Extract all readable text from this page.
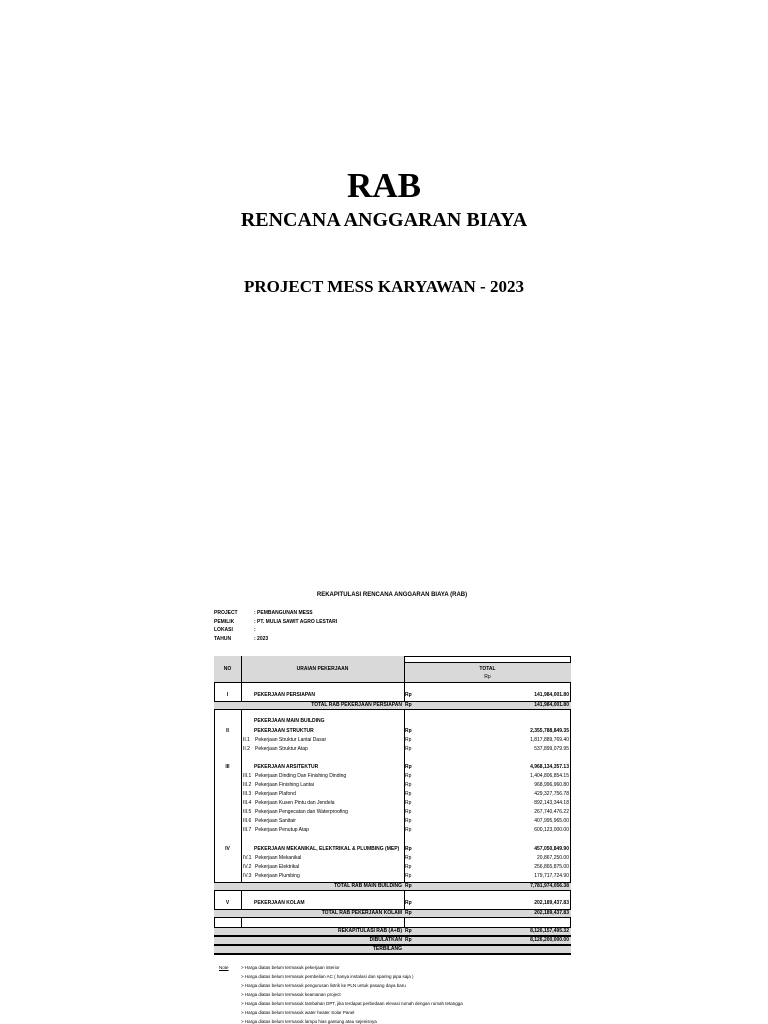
RAB
RENCANA ANGGARAN BIAYA
PROJECT MESS KARYAWAN - 2023
REKAPITULASI RENCANA ANGGARAN BIAYA (RAB)
PROJECT	: PEMBANGUNAN MESS
PEMILIK	: PT. MULIA SAWIT AGRO LESTARI
LOKASI	:
TAHUN	: 2023
NO	URAIAN PEKERJAAN	TOTAL
Rp
I	PEKERJAAN PERSIAPAN	Rp	141,984,001.80
TOTAL RAB PEKERJAAN PERSIAPAN Rp	141,984,001.80
PEKERJAAN MAIN BUILDING
II	PEKERJAAN STRUKTUR	Rp	2,355,788,849.35
II.1	Pekerjaan Struktur Lantai Dasar	Rp	1,817,889,769.40
II.2	Pekerjaan Struktur Atap	Rp	537,899,079.95
III	PEKERJAAN ARSITEKTUR	Rp	4,968,134,357.13
III.1 Pekerjaan Dinding Dan Finishing Dinding	Rp	1,404,806,854.15
III.2 Pekerjaan Finishing Lantai	Rp	968,996,960.80
III.3 Pekerjaan Plafond	Rp	429,327,756.78
III.4 Pekerjaan Kusen Pintu dan Jendela	Rp	892,143,344.18
III.5 Pekerjaan Pengecatan dan Waterproofing	Rp	267,740,476.22
III.6 Pekerjaan Sanitair	Rp	407,995,965.00
III.7 Pekerjaan Penutup Atap	Rp	600,123,000.00
IV	PEKERJAAN MEKANIKAL, ELEKTRIKAL & PLUMBING (MEP) Rp	457,050,849.90
IV.1 Pekerjaan Mekanikal	Rp	20,867,250.00
IV.2 Pekerjaan Elektrikal	Rp	256,865,875.00
IV.3 Pekerjaan Plumbing	Rp	179,717,724.90
TOTAL RAB MAIN BUILDING Rp	7,781,974,056.38
V	PEKERJAAN KOLAM	Rp	202,189,437.83
TOTAL RAB PEKERJAAN KOLAM Rp	202,189,437.83
REKAPITULASI RAB (A+B) Rp	8,126,157,495.32
DIBULATKAN Rp	8,126,200,000.00
TERBILANG
Note	> Harga diatas belum termasuk pekerjaan interior
> Harga diatas belum termasuk pembelian AC ( hanya instalasi dan sparing pipa saja )
> Harga diatas belum termasuk pengurusan listrik ke PLN untuk pasang daya baru
> Harga diatas belum termasuk keamanan project
> Harga diatas belum termasuk tambahan DPT, jika terdapat perbedaan elevasi rumah dengan rumah tetangga
> Harga diatas belum termasuk water heater Solar Panel
> Harga diatas belum termasuk lampu hias gantung atau sejenisnya
